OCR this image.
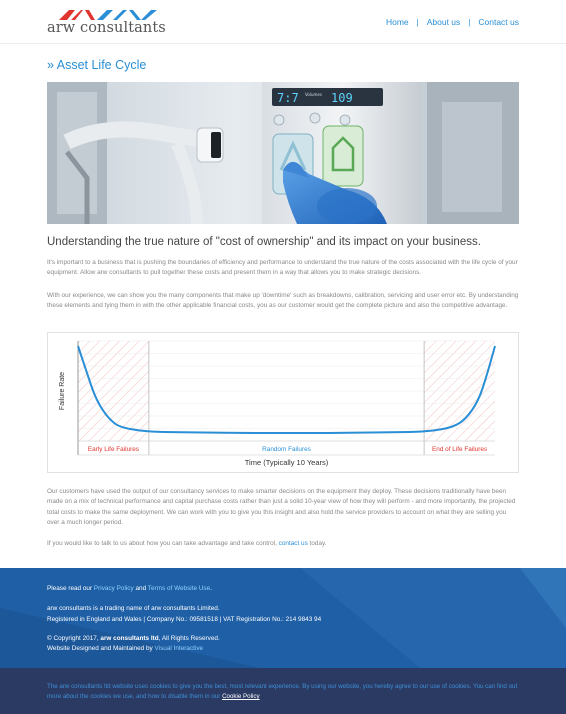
arw consultants	Home | About us | Contact us
» Asset Life Cycle
7:7 Volumes 109
Understanding the true nature of "cost of ownership" and its impact on your business.

It's important to a business that is pushing the boundaries of efficiency and performance to understand the true nature of the costs associated with the life cycle of your equipment. Allow arw consultants to pull together these costs and present them in a way that allows you to make strategic decisions.

With our experience, we can show you the many components that make up 'downtime' such as breakdowns, calibration, servicing and user error etc. By understanding these elements and tying them in with the other applicable financial costs, you as our customer would get the complete picture and also the competitive advantage.

Early Life Failures	Random Failures	End of Life Failures
Time (Typically 10 Years)
Failure Rate

Our customers have used the output of our consultancy services to make smarter decisions on the equipment they deploy. These decisions traditionally have been made on a mix of technical performance and capital purchase costs rather than just a solid 10-year view of how they will perform - and more importantly, the projected total costs to make the same deployment. We can work with you to give you this insight and also hold the service providers to account on what they are selling you over a much longer period.

If you would like to talk to us about how you can take advantage and take control, contact us today.

Please read our Privacy Policy and Terms of Website Use.
arw consultants is a trading name of arw consultants Limited.
Registered in England and Wales | Company No.: 09581518 | VAT Registration No.: 214 9843 94
© Copyright 2017, arw consultants ltd, All Rights Reserved.
Website Designed and Maintained by Visual Interactive
The arw consultants ltd website uses cookies to give you the best, most relevant experience. By using our website, you hereby agree to our use of cookies. You can find out more about the cookies we use, and how to disable them in our Cookie Policy
